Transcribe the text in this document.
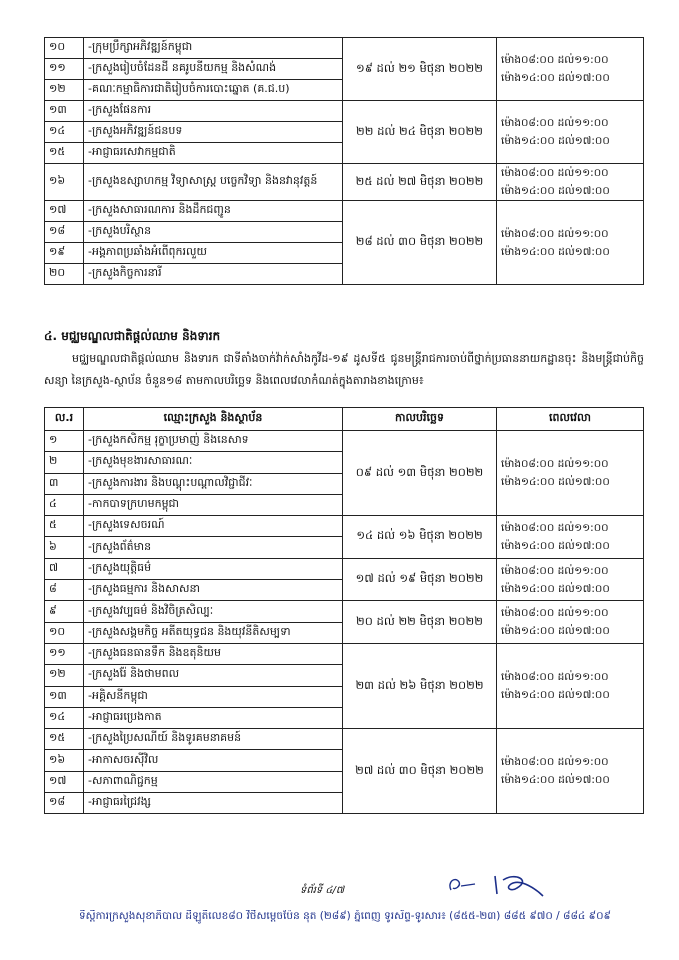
១០	-ក្រុមប្រឹក្សាអភិវឌ្ឍន៍កម្ពុជា	១៩ ដល់ ២១ មិថុនា ២០២២	ម៉ោង០៨:០០ ដល់១១:០០
ម៉ោង១៤:០០ ដល់១៧:០០

១១	-ក្រសួងរៀបចំដែនដី នគរូបនីយកម្ម និងសំណង់		
១២	-គណៈកម្មាធិការជាតិរៀបចំការបោះឆ្នោត (គ.ជ.ប)		
១៣	-ក្រសួងផែនការ	២២ ដល់ ២៤ មិថុនា ២០២២	ម៉ោង០៨:០០ ដល់១១:០០
ម៉ោង១៤:០០ ដល់១៧:០០

១៤	-ក្រសួងអភិវឌ្ឍន៍ជនបទ		
១៥	-អាជ្ញាធរសេវាកម្មជាតិ		
១៦	-ក្រសួងឧស្សាហកម្ម វិទ្យាសាស្ត្រ បច្ចេកវិទ្យា និងនវានុវត្តន៍	២៥ ដល់ ២៧ មិថុនា ២០២២	ម៉ោង០៨:០០ ដល់១១:០០
ម៉ោង១៤:០០ ដល់១៧:០០

១៧	-ក្រសួងសាធារណការ និងដឹកជញ្ជូន	២៨ ដល់ ៣០ មិថុនា ២០២២	ម៉ោង០៨:០០ ដល់១១:០០
ម៉ោង១៤:០០ ដល់១៧:០០

១៨	-ក្រសួងបរិស្ថាន		
១៩	-អង្គភាពប្រឆាំងអំពើពុករលួយ		
២០	-ក្រសួងកិច្ចការនារី		
៤. មជ្ឈមណ្ឌលជាតិផ្តល់ឈាម និងទារក
មជ្ឈមណ្ឌលជាតិផ្តល់ឈាម និងទារក ជាទីតាំងចាក់វ៉ាក់សាំងកូវីដ-១៩ ដូសទី៥ ជូនមន្ត្រីរាជការចាប់ពីថ្នាក់ប្រធាននាយកដ្ឋានចុះ និងមន្ត្រីជាប់កិច្ចសន្យា នៃក្រសួង-ស្ថាប័ន ចំនួន១៨ តាមកាលបរិច្ឆេទ និងពេលវេលាកំណត់ក្នុងតារាងខាងក្រោម៖
ល.រ	ឈ្មោះក្រសួង និងស្ថាប័ន	កាលបរិច្ឆេទ	ពេលវេលា
១	-ក្រសួងកសិកម្ម រុក្ខាប្រមាញ់ និងនេសាទ	០៩ ដល់ ១៣ មិថុនា ២០២២	ម៉ោង០៨:០០ ដល់១១:០០
ម៉ោង១៤:០០ ដល់១៧:០០

២	-ក្រសួងមុខងារសាធារណៈ		
៣	-ក្រសួងការងារ និងបណ្តុះបណ្តាលវិជ្ជាជីវៈ		
៤	-កាកបាទក្រហមកម្ពុជា		
៥	-ក្រសួងទេសចរណ៍	១៤ ដល់ ១៦ មិថុនា ២០២២	ម៉ោង០៨:០០ ដល់១១:០០
ម៉ោង១៤:០០ ដល់១៧:០០

៦	-ក្រសួងព័ត៌មាន		
៧	-ក្រសួងយុត្តិធម៌	១៧ ដល់ ១៩ មិថុនា ២០២២	ម៉ោង០៨:០០ ដល់១១:០០
ម៉ោង១៤:០០ ដល់១៧:០០

៨	-ក្រសួងធម្មការ និងសាសនា		
៩	-ក្រសួងវប្បធម៌ និងវិចិត្រសិល្បៈ	២០ ដល់ ២២ មិថុនា ២០២២	ម៉ោង០៨:០០ ដល់១១:០០
ម៉ោង១៤:០០ ដល់១៧:០០

១០	-ក្រសួងសង្គមកិច្ច អតីតយុទ្ធជន និងយុវនីតិសម្បទា		
១១	-ក្រសួងធនធានទឹក និងឧតុនិយម	២៣ ដល់ ២៦ មិថុនា ២០២២	ម៉ោង០៨:០០ ដល់១១:០០
ម៉ោង១៤:០០ ដល់១៧:០០

១២	-ក្រសួងរ៉ែ និងថាមពល		
១៣	-អគ្គិសនីកម្ពុជា		
១៤	-អាជ្ញាធរប្រេងកាត		
១៥	-ក្រសួងប្រៃសណីយ៍ និងទូរគមនាគមន៍	២៧ ដល់ ៣០ មិថុនា ២០២២	ម៉ោង០៨:០០ ដល់១១:០០
ម៉ោង១៤:០០ ដល់១៧:០០

១៦	-អាកាសចរស៊ីវិល		
១៧	-សភាពាណិជ្ជកម្ម		
១៨	-អាជ្ញាធរជ្រៃវង្ស		
ទំព័រទី ៤/៧
ទីស្តីការក្រសួងសុខាភិបាល ដីឡូតិ៍លេខ៨០ វិថីសម្តេចប៉ែន នុត (២៨៩) ភ្នំពេញ ទូរស័ព្ទ-ទូរសារ៖ (៨៥៥-២៣) ៨៨៥ ៩៧០ / ៨៨៤ ៩០៩
